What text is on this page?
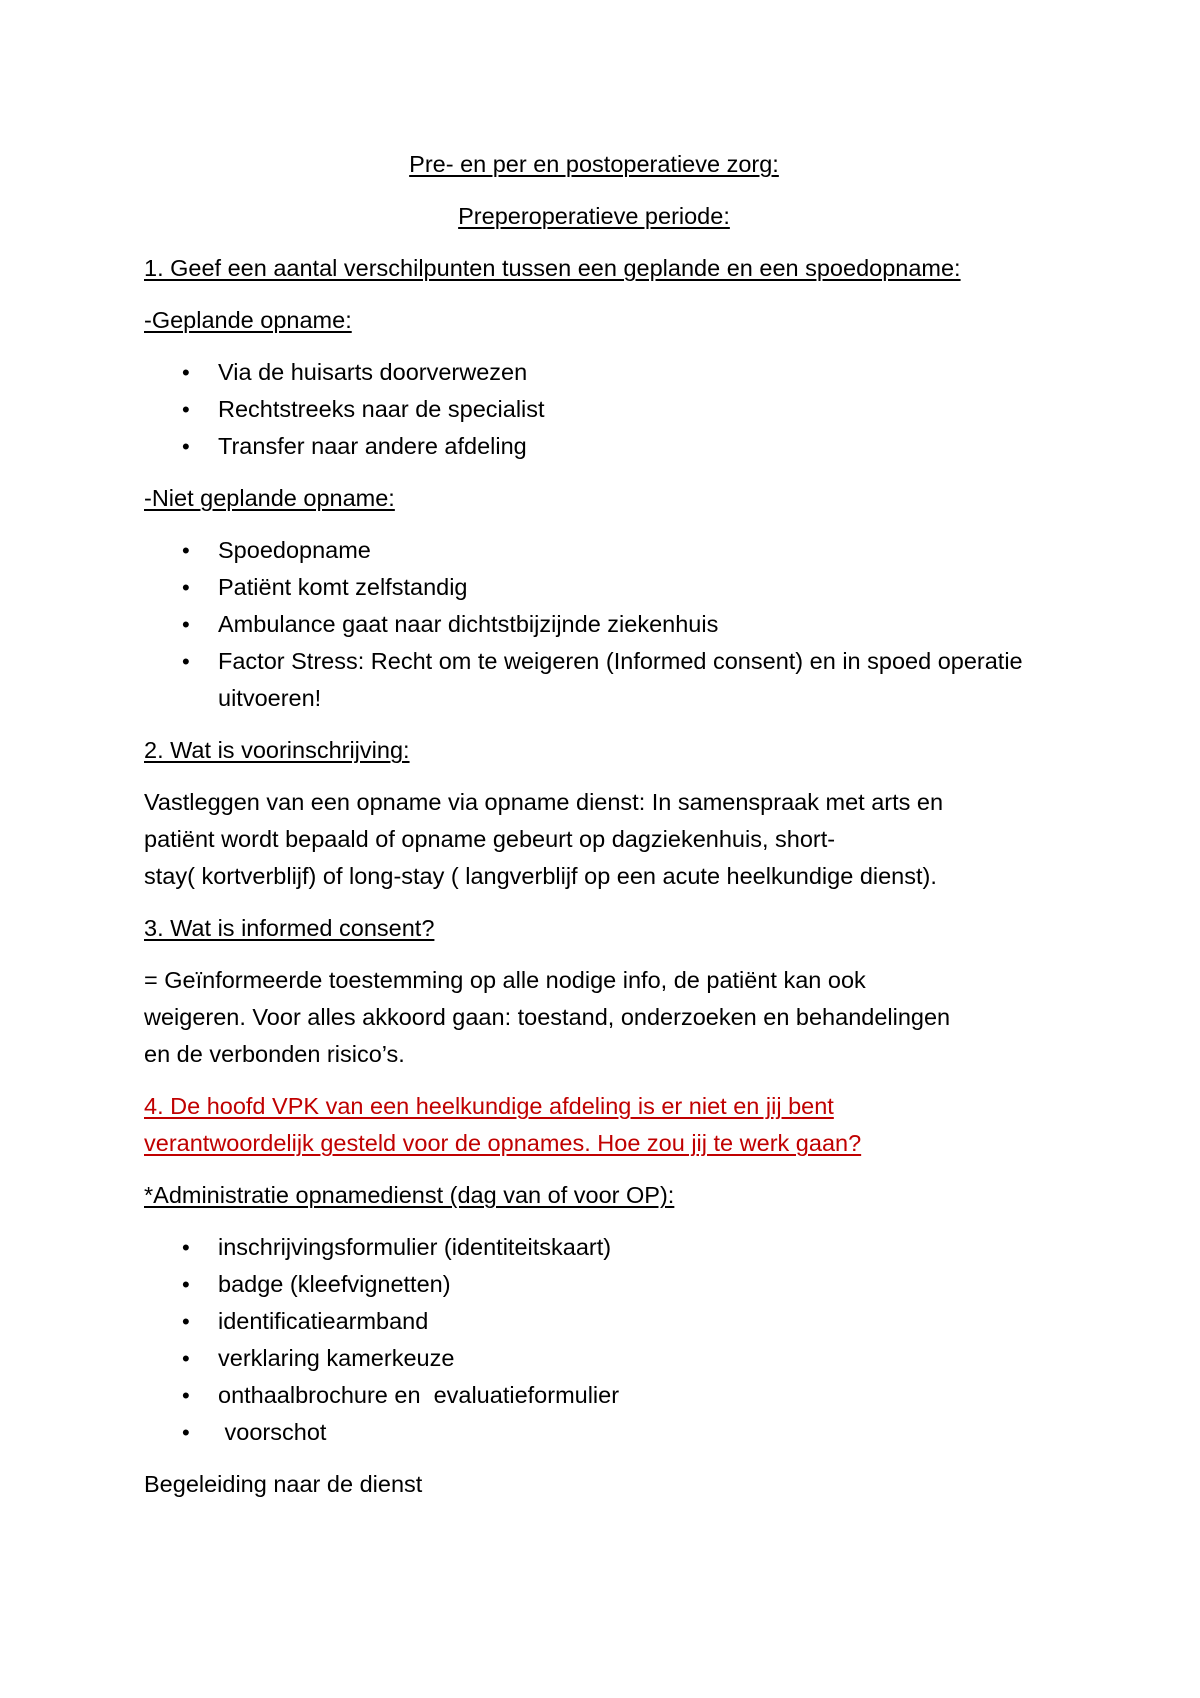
Pre- en per en postoperatieve zorg:

Preperoperatieve periode:

1. Geef een aantal verschilpunten tussen een geplande en een spoedopname:

-Geplande opname:

• Via de huisarts doorverwezen
• Rechtstreeks naar de specialist
• Transfer naar andere afdeling

-Niet geplande opname:

• Spoedopname
• Patiënt komt zelfstandig
• Ambulance gaat naar dichtstbijzijnde ziekenhuis
• Factor Stress: Recht om te weigeren (Informed consent) en in spoed operatie uitvoeren!

2. Wat is voorinschrijving:

Vastleggen van een opname via opname dienst: In samenspraak met arts en

patiënt wordt bepaald of opname gebeurt op dagziekenhuis, short-

stay( kortverblijf) of long-stay ( langverblijf op een acute heelkundige dienst).

3. Wat is informed consent?

= Geïnformeerde toestemming op alle nodige info, de patiënt kan ook

weigeren. Voor alles akkoord gaan: toestand, onderzoeken en behandelingen

en de verbonden risico’s.

4. De hoofd VPK van een heelkundige afdeling is er niet en jij bent

verantwoordelijk gesteld voor de opnames. Hoe zou jij te werk gaan?

*Administratie opnamedienst (dag van of voor OP):

• inschrijvingsformulier (identiteitskaart)
• badge (kleefvignetten)
• identificatiearmband
• verklaring kamerkeuze
• onthaalbrochure en  evaluatieformulier
• voorschot

Begeleiding naar de dienst
